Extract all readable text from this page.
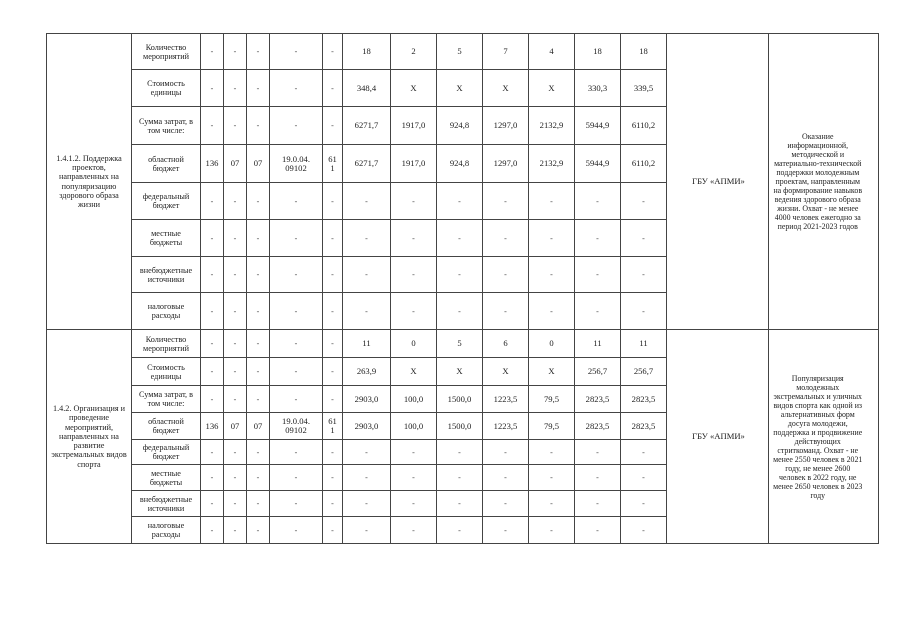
1.4.1.2. Поддержка проектов, направленных на популяризацию здорового образа жизни	Количество мероприятий	-	-	-	-	-	18	2	5	7	4	18	18		ГБУ «АПМИ»		Оказание информационной, методической и материально-технической поддержки молодежным проектам, направленным на формирование навыков ведения здорового образа жизни. Охват - не менее 4000 человек ежегодно за период 2021-2023 годов	
	Стоимость единицы	-	-	-	-	-	348,4	X	X	X	X	330,3	339,5					
	Сумма затрат, в том числе:	-	-	-	-	-	6271,7	1917,0	924,8	1297,0	2132,9	5944,9	6110,2					
	областной бюджет	136	07	07	19.0.04. 09102	61 1	6271,7	1917,0	924,8	1297,0	2132,9	5944,9	6110,2					
	федеральный бюджет	-	-	-	-	-	-	-	-	-	-	-	-					
	местные бюджеты	-	-	-	-	-	-	-	-	-	-	-	-					
	внебюджетные источники	-	-	-	-	-	-	-	-	-	-	-	-					
	налоговые расходы	-	-	-	-	-	-	-	-	-	-	-	-					
1.4.2. Организация и проведение мероприятий, направленных на развитие экстремальных видов спорта	Количество мероприятий	-	-	-	-	-	11	0	5	6	0	11	11		ГБУ «АПМИ»		Популяризация молодежных экстремальных и уличных видов спорта как одной из альтернативных форм досуга молодежи, поддержка и продвижение действующих стриткоманд. Охват - не менее 2550 человек в 2021 году, не менее 2600 человек в 2022 году, не менее 2650 человек в 2023 году	
	Стоимость единицы	-	-	-	-	-	263,9	X	X	X	X	256,7	256,7					
	Сумма затрат, в том числе:	-	-	-	-	-	2903,0	100,0	1500,0	1223,5	79,5	2823,5	2823,5					
	областной бюджет	136	07	07	19.0.04. 09102	61 1	2903,0	100,0	1500,0	1223,5	79,5	2823,5	2823,5					
	федеральный бюджет	-	-	-	-	-	-	-	-	-	-	-	-					
	местные бюджеты	-	-	-	-	-	-	-	-	-	-	-	-					
	внебюджетные источники	-	-	-	-	-	-	-	-	-	-	-	-					
	налоговые расходы	-	-	-	-	-	-	-	-	-	-	-	-					
